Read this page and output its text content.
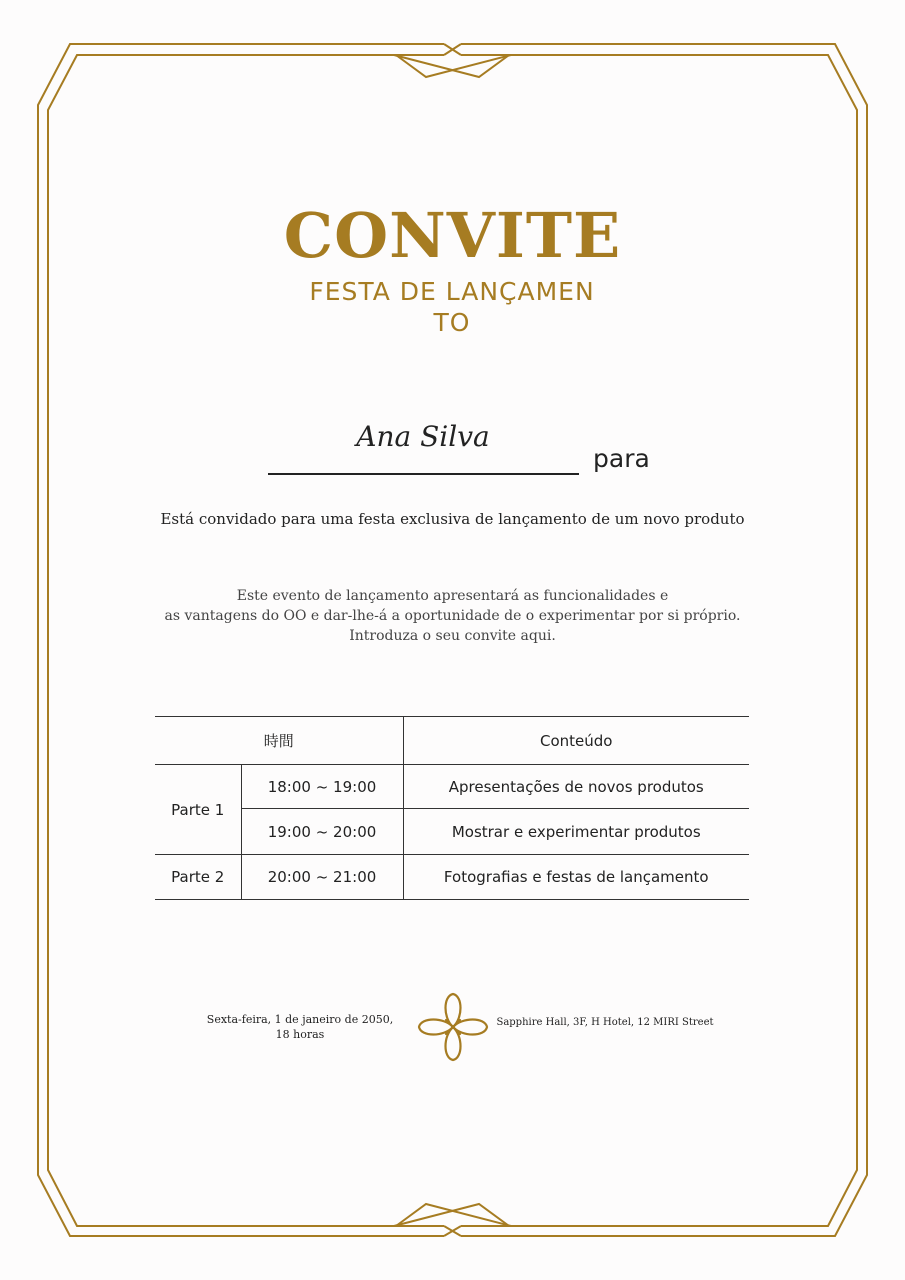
CONVITE
FESTA DE LANÇAMENTO
Ana Silva
para
Está convidado para uma festa exclusiva de lançamento de um novo produto
Este evento de lançamento apresentará as funcionalidades e
as vantagens do OO e dar-lhe-á a oportunidade de o experimentar por si próprio.
Introduza o seu convite aqui.
時間		Conteúdo
Parte 1	18:00 ~ 19:00	Apresentações de novos produtos
	19:00 ~ 20:00	Mostrar e experimentar produtos
Parte 2	20:00 ~ 21:00	Fotografias e festas de lançamento
Sexta-feira, 1 de janeiro de 2050,
18 horas
Sapphire Hall, 3F, H Hotel, 12 MIRI Street
